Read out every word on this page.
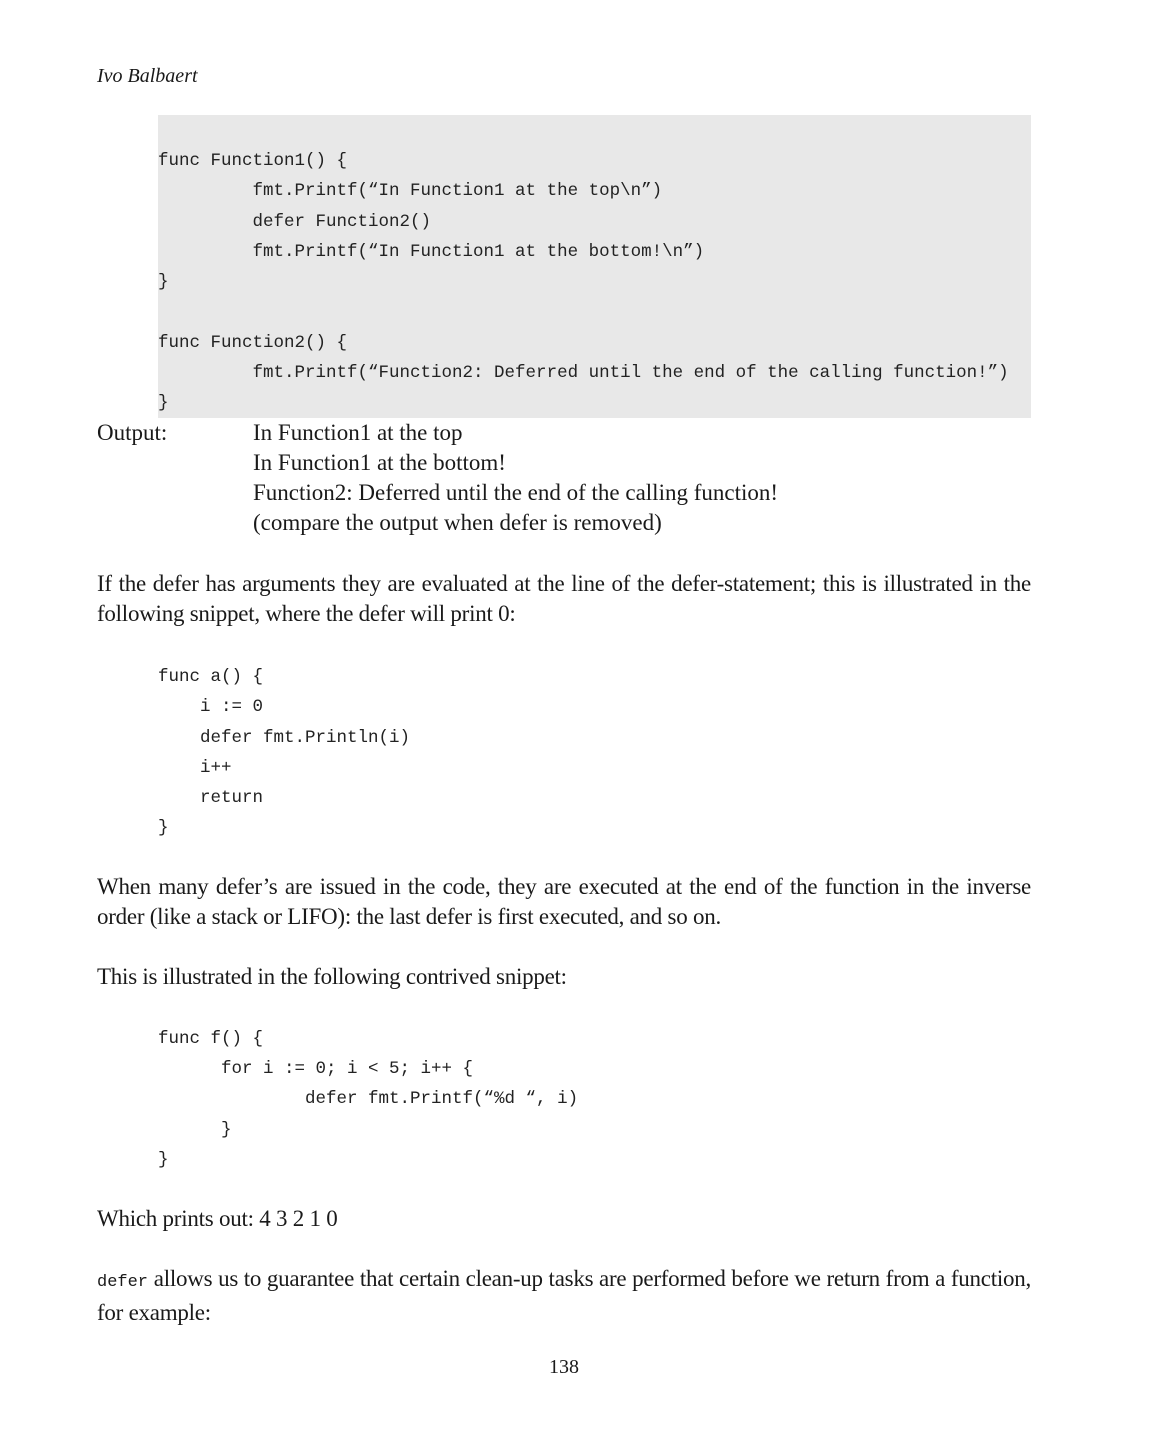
Ivo Balbaert
func Function1() {
fmt.Printf(“In Function1 at the top\n”)
defer Function2()
fmt.Printf(“In Function1 at the bottom!\n”)
}

func Function2() {
fmt.Printf(“Function2: Deferred until the end of the calling function!”)
}
Output:	In Function1 at the top
In Function1 at the bottom!
Function2: Deferred until the end of the calling function!
(compare the output when defer is removed)
If the defer has arguments they are evaluated at the line of the defer-statement; this is illustrated in the following snippet, where the defer will print 0:
func a() {
i := 0
defer fmt.Println(i)
i++
return
}
When many defer’s are issued in the code, they are executed at the end of the function in the inverse order (like a stack or LIFO): the last defer is first executed, and so on.
This is illustrated in the following contrived snippet:
func f() {
for i := 0; i < 5; i++ {
defer fmt.Printf(“%d “, i)
}
}
Which prints out: 4 3 2 1 0
defer allows us to guarantee that certain clean-up tasks are performed before we return from a function, for example:
138
